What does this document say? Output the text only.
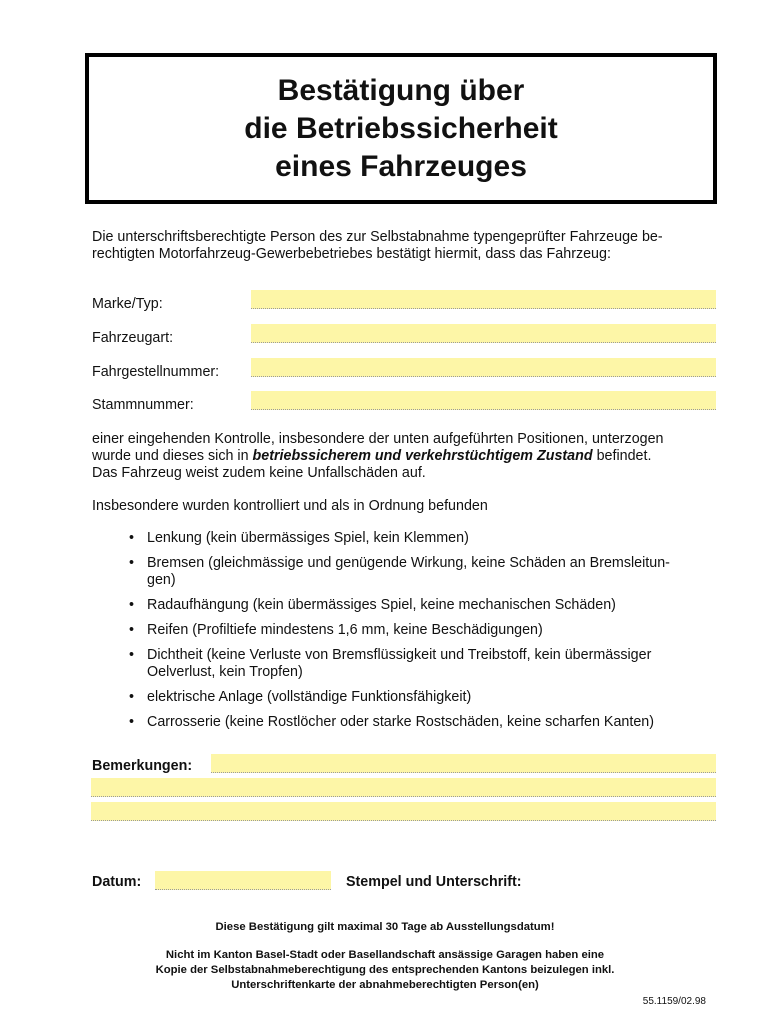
Bestätigung über
die Betriebssicherheit
eines Fahrzeuges
Die unterschriftsberechtigte Person des zur Selbstabnahme typengeprüfter Fahrzeuge be-
rechtigten Motorfahrzeug-Gewerbebetriebes bestätigt hiermit, dass das Fahrzeug:
Marke/Typ:
Fahrzeugart:
Fahrgestellnummer:
Stammnummer:
einer eingehenden Kontrolle, insbesondere der unten aufgeführten Positionen, unterzogen
wurde und dieses sich in betriebssicherem und verkehrstüchtigem Zustand befindet.
Das Fahrzeug weist zudem keine Unfallschäden auf.
Insbesondere wurden kontrolliert und als in Ordnung befunden
• Lenkung (kein übermässiges Spiel, kein Klemmen)
• Bremsen (gleichmässige und genügende Wirkung, keine Schäden an Bremsleitun-
gen)
• Radaufhängung (kein übermässiges Spiel, keine mechanischen Schäden)
• Reifen (Profiltiefe mindestens 1,6 mm, keine Beschädigungen)
• Dichtheit (keine Verluste von Bremsflüssigkeit und Treibstoff, kein übermässiger
Oelverlust, kein Tropfen)
• elektrische Anlage (vollständige Funktionsfähigkeit)
• Carrosserie (keine Rostlöcher oder starke Rostschäden, keine scharfen Kanten)
Bemerkungen:
Datum:	Stempel und Unterschrift:
Diese Bestätigung gilt maximal 30 Tage ab Ausstellungsdatum!
Nicht im Kanton Basel-Stadt oder Basellandschaft ansässige Garagen haben eine
Kopie der Selbstabnahmeberechtigung des entsprechenden Kantons beizulegen inkl.
Unterschriftenkarte der abnahmeberechtigten Person(en)
55.1159/02.98
